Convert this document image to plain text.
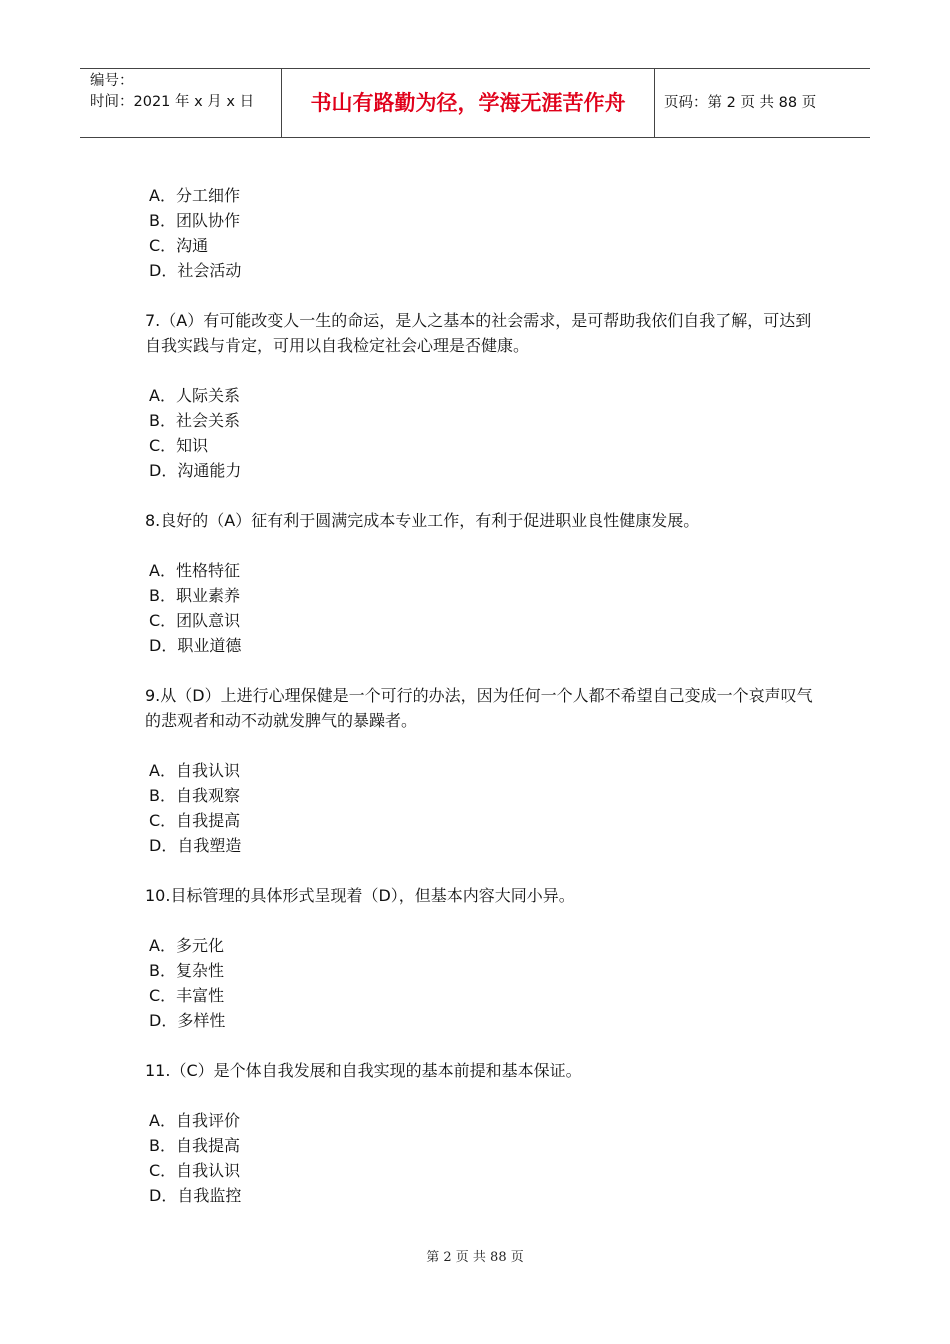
编号：
时间：2021 年 x 月 x 日	书山有路勤为径，学海无涯苦作舟	页码：第 2 页 共 88 页
A．分工细作
B．团队协作
C．沟通
D．社会活动
7.（A）有可能改变人一生的命运，是人之基本的社会需求，是可帮助我依们自我了解，可达到自我实践与肯定，可用以自我检定社会心理是否健康。
A．人际关系
B．社会关系
C．知识
D．沟通能力
8.良好的（A）征有利于圆满完成本专业工作，有利于促进职业良性健康发展。
A．性格特征
B．职业素养
C．团队意识
D．职业道德
9.从（D）上进行心理保健是一个可行的办法，因为任何一个人都不希望自己变成一个哀声叹气的悲观者和动不动就发脾气的暴躁者。
A．自我认识
B．自我观察
C．自我提高
D．自我塑造
10.目标管理的具体形式呈现着（D），但基本内容大同小异。
A．多元化
B．复杂性
C．丰富性
D．多样性
11.（C）是个体自我发展和自我实现的基本前提和基本保证。
A．自我评价
B．自我提高
C．自我认识
D．自我监控
第 2 页 共 88 页
